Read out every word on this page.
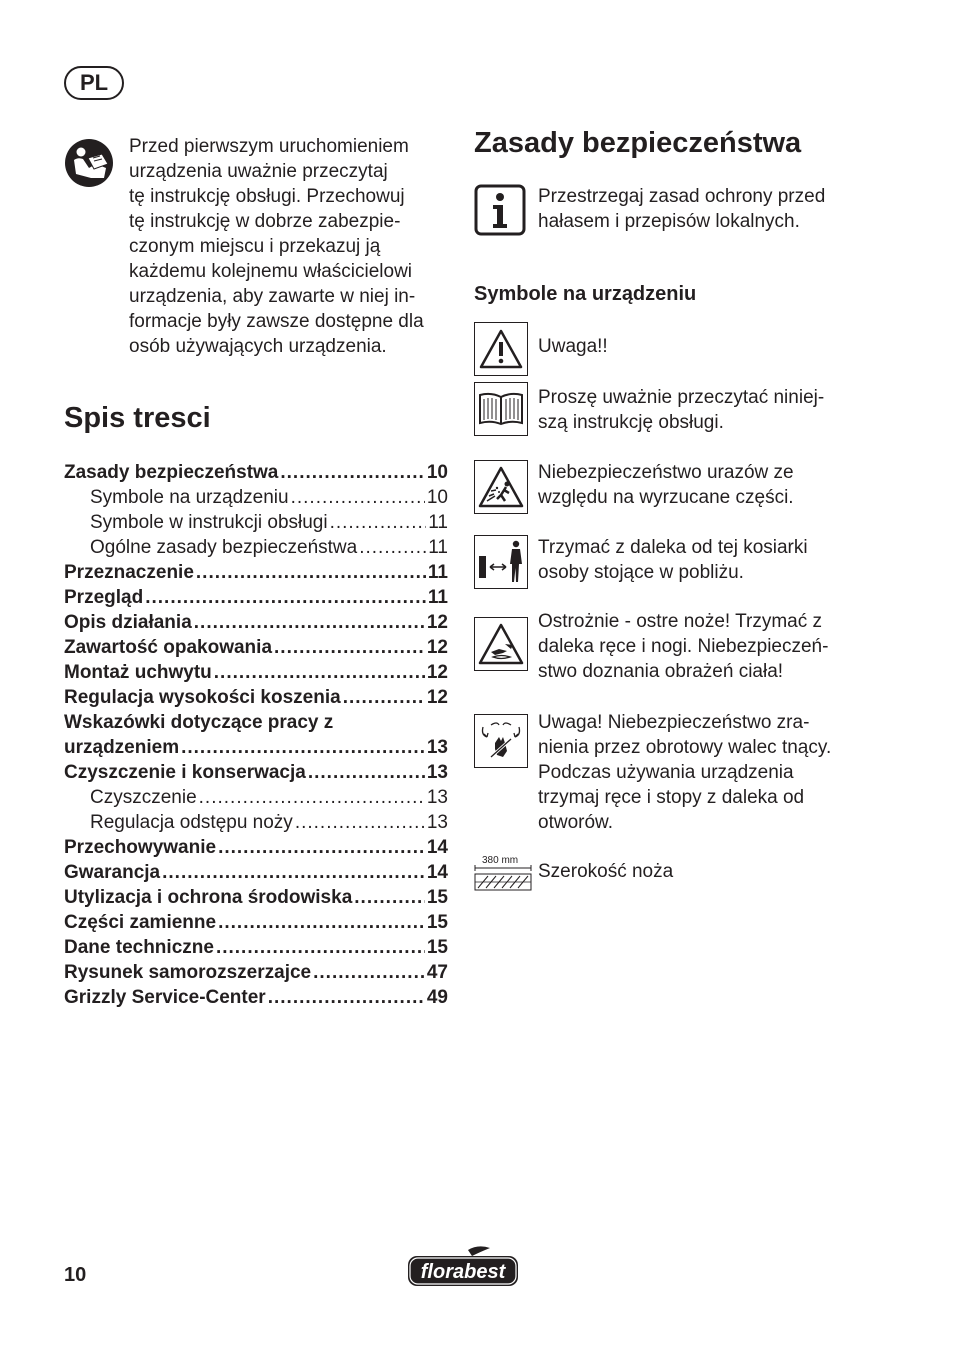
PL

Przed pierwszym uruchomieniem
urządzenia uważnie przeczytaj
tę instrukcję obsługi. Przechowuj
tę instrukcję w dobrze zabezpie-
czonym miejscu i przekazuj ją
każdemu kolejnemu właścicielowi
urządzenia, aby zawarte w niej in-
formacje były zawsze dostępne dla
osób używających urządzenia.

Spis tresci
Zasady bezpieczeństwa .....	10
Symbole na urządzeniu .....	10
Symbole w instrukcji obsługi .....	11
Ogólne zasady bezpieczeństwa .....	11
Przeznaczenie .....	11
Przegląd .....	11
Opis działania .....	12
Zawartość opakowania .....	12
Montaż uchwytu .....	12
Regulacja wysokości koszenia .....	12
Wskazówki dotyczące pracy z
urządzeniem .....	13
Czyszczenie i konserwacja .....	13
Czyszczenie .....	13
Regulacja odstępu noży .....	13
Przechowywanie .....	14
Gwarancja .....	14
Utylizacja i ochrona środowiska .....	15
Części zamienne .....	15
Dane techniczne .....	15
Rysunek samorozszerzajce .....	47
Grizzly Service-Center .....	49
Zasady bezpieczeństwa

Przestrzegaj zasad ochrony przed
hałasem i przepisów lokalnych.

Symbole na urządzeniu

Uwaga!!

Proszę uważnie przeczytać niniej-
szą instrukcję obsługi.

Niebezpieczeństwo urazów ze
względu na wyrzucane części.

Trzymać z daleka od tej kosiarki
osoby stojące w pobliżu.

Ostrożnie - ostre noże! Trzymać z
daleka ręce i nogi. Niebezpieczeń-
stwo doznania obrażeń ciała!

Uwaga! Niebezpieczeństwo zra-
nienia przez obrotowy walec tnący.
Podczas używania urządzenia
trzymaj ręce i stopy z daleka od
otworów.

380 mm

Szerokość noża

10	florabest
